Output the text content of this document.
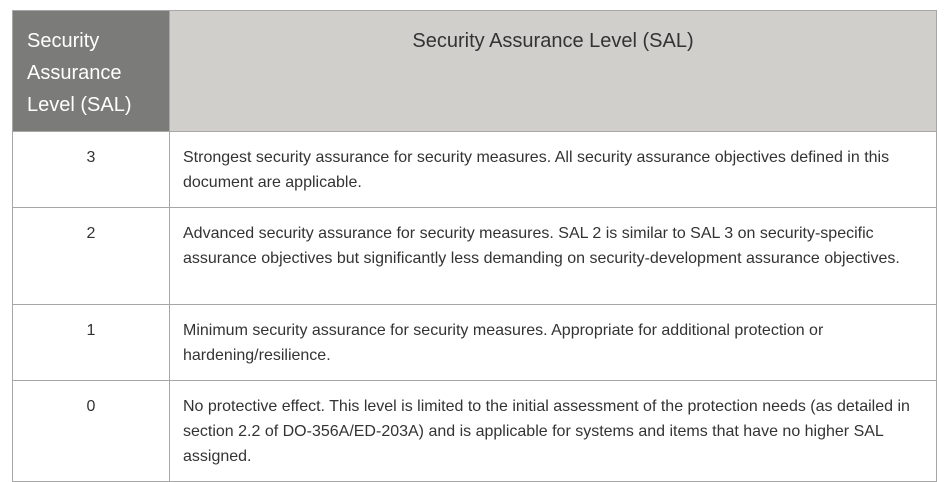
Security Assurance Level (SAL)	Security Assurance Level (SAL)
3	Strongest security assurance for security measures. All security assurance objectives defined in this document are applicable.
2	Advanced security assurance for security measures. SAL 2 is similar to SAL 3 on security-specific assurance objectives but significantly less demanding on security-development assurance objectives.
1	Minimum security assurance for security measures. Appropriate for additional protection or hardening/resilience.
0	No protective effect. This level is limited to the initial assessment of the protection needs (as detailed in section 2.2 of DO-356A/ED-203A) and is applicable for systems and items that have no higher SAL assigned.
